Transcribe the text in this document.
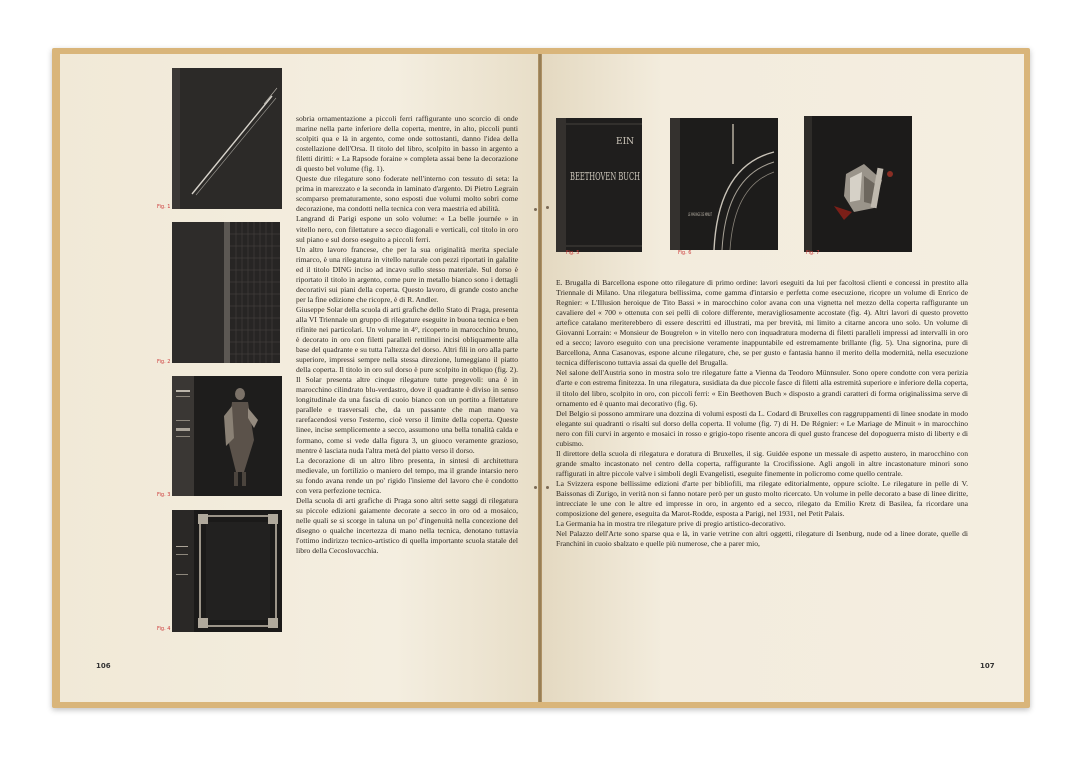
Fig. 1
Fig. 2
Fig. 3
Fig. 4

sobria ornamentazione a piccoli ferri raffigurante uno scorcio di onde marine nella parte inferiore della coperta, mentre, in alto, piccoli punti scolpiti qua e là in argento, come onde sottostanti, danno l'idea della costellazione dell'Orsa. Il titolo del libro, scolpito in basso in argento a filetti diritti: « La Rapsode foraine » completa assai bene la decorazione di questo bel volume (fig. 1).

Queste due rilegature sono foderate nell'interno con tessuto di seta: la prima in marezzato e la seconda in laminato d'argento. Di Pietro Legrain scomparso prematuramente, sono esposti due volumi molto sobri come decorazione, ma condotti nella tecnica con vera maestria ed abilità.

Langrand di Parigi espone un solo volume: « La belle journée » in vitello nero, con filettature a secco diagonali e verticali, col titolo in oro sul piano e sul dorso eseguito a piccoli ferri.

Un altro lavoro francese, che per la sua originalità merita speciale rimarco, è una rilegatura in vitello naturale con pezzi riportati in galalite ed il titolo DING inciso ad incavo sullo stesso materiale. Sul dorso è riportato il titolo in argento, come pure in metallo bianco sono i dettagli decorativi sui piani della coperta. Questo lavoro, di grande costo anche per la fine edizione che ricopre, è di R. Andler.

Giuseppe Solar della scuola di arti grafiche dello Stato di Praga, presenta alla VI Triennale un gruppo di rilegature eseguite in buona tecnica e ben rifinite nei particolari. Un volume in 4°, ricoperto in marocchino bruno, è decorato in oro con filetti paralleli rettilinei incisi obliquamente alla base del quadrante e su tutta l'altezza del dorso. Altri fili in oro alla parte superiore, impressi sempre nella stessa direzione, lumeggiano il piatto della coperta. Il titolo in oro sul dorso è pure scolpito in obliquo (fig. 2). Il Solar presenta altre cinque rilegature tutte pregevoli: una è in marocchino cilindrato blu-verdastro, dove il quadrante è diviso in senso longitudinale da una fascia di cuoio bianco con un portito a filettature parallele e trasversali che, da un passante che man mano va rarefacendosi verso l'esterno, cioè verso il limite della coperta. Queste linee, incise semplicemente a secco, assumono una bella tonalità calda e formano, come si vede dalla figura 3, un giuoco veramente grazioso, mentre è lasciata nuda l'altra metà del piatto verso il dorso.

La decorazione di un altro libro presenta, in sintesi di architettura medievale, un fortilizio o maniero del tempo, ma il grande intarsio nero su fondo avana rende un po' rigido l'insieme del lavoro che è condotto con vera perfezione tecnica.

Della scuola di arti grafiche di Praga sono altri sette saggi di rilegatura su piccole edizioni gaiamente decorate a secco in oro od a mosaico, nelle quali se si scorge in taluna un po' d'ingenuità nella concezione del disegno o qualche incertezza di mano nella tecnica, denotano tuttavia l'ottimo indirizzo tecnico-artistico di quella importante scuola statale del libro della Cecoslovacchia.

106
EIN
BEETHOVEN BUCH
Fig. 5
LE MARIAGE DE MINUIT
Fig. 6	Fig. 7

E. Brugalla di Barcellona espone otto rilegature di primo ordine: lavori eseguiti da lui per facoltosi clienti e concessi in prestito alla Triennale di Milano. Una rilegatura bellissima, come gamma d'intarsio e perfetta come esecuzione, ricopre un volume di Enrico de Regnier: « L'Illusion heroique de Tito Bassi » in marocchino color avana con una vignetta nel mezzo della coperta raffigurante un cavaliere del « 700 » ottenuta con sei pelli di colore differente, meravigliosamente accostate (fig. 4). Altri lavori di questo provetto artefice catalano meriterebbero di essere descritti ed illustrati, ma per brevità, mi limito a citarne ancora uno solo. Un volume di Giovanni Lorrain: « Monsieur de Bougrelon » in vitello nero con inquadratura moderna di filetti paralleli impressi ad intervalli in oro ed a secco; lavoro eseguito con una precisione veramente inappuntabile ed estremamente brillante (fig. 5). Una signorina, pure di Barcellona, Anna Casanovas, espone alcune rilegature, che, se per gusto e fantasia hanno il merito della modernità, nella esecuzione tecnica differiscono tuttavia assai da quelle del Brugalla.

Nel salone dell'Austria sono in mostra solo tre rilegature fatte a Vienna da Teodoro Münnsuler. Sono opere condotte con vera perizia d'arte e con estrema finitezza. In una rilegatura, susidiata da due piccole fasce di filetti alla estremità superiore e inferiore della coperta, il titolo del libro, scolpito in oro, con piccoli ferri: « Ein Beethoven Buch » disposto a grandi caratteri di forma originalissima serve di ornamento ed è quanto mai decorativo (fig. 6).

Del Belgio si possono ammirare una dozzina di volumi esposti da L. Codard di Bruxelles con raggruppamenti di linee snodate in modo elegante sui quadranti o risalti sul dorso della coperta. Il volume (fig. 7) di H. De Régnier: « Le Mariage de Minuit » in marocchino nero con fili curvi in argento e mosaici in rosso e grigio-topo risente ancora di quel gusto francese del dopoguerra misto di liberty e di cubismo.

Il direttore della scuola di rilegatura e doratura di Bruxelles, il sig. Guidée espone un messale di aspetto austero, in marocchino con grande smalto incastonato nel centro della coperta, raffigurante la Crocifissione. Agli angoli in altre incastonature minori sono raffigurati in altre piccole valve i simboli degli Evangelisti, eseguite finemente in policromo come quello centrale.

La Svizzera espone bellissime edizioni d'arte per bibliofili, ma rilegate editorialmente, oppure sciolte. Le rilegature in pelle di V. Baissonas di Zurigo, in verità non si fanno notare però per un gusto molto ricercato. Un volume in pelle decorato a base di linee diritte, intrecciate le une con le altre ed impresse in oro, in argento ed a secco, rilegato da Emilio Kretz di Basilea, fa ricordare una composizione del genere, eseguita da Marot-Rodde, esposta a Parigi, nel 1931, nel Petit Palais.

La Germania ha in mostra tre rilegature prive di pregio artistico-decorativo.

Nel Palazzo dell'Arte sono sparse qua e là, in varie vetrine con altri oggetti, rilegature di Isenburg, nude od a linee dorate, quelle di Franchini in cuoio sbalzato e quelle più numerose, che a parer mio,

107
